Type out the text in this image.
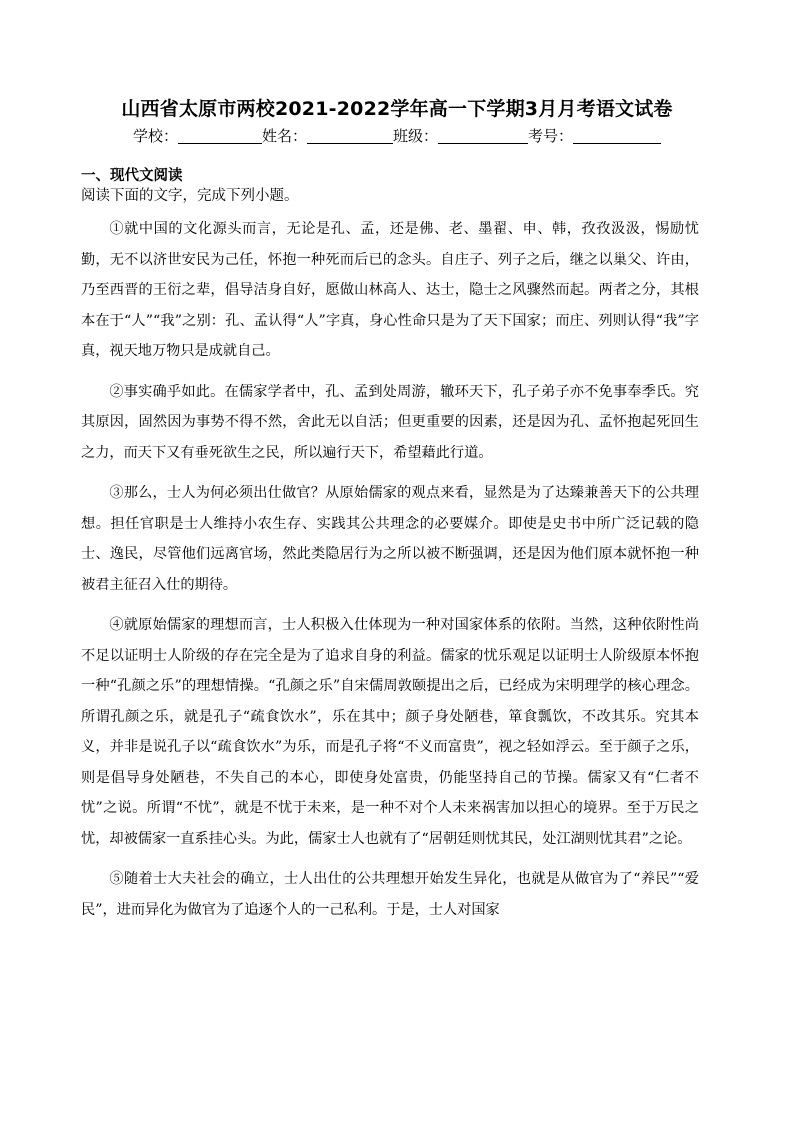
山西省太原市两校2021-2022学年高一下学期3月月考语文试卷
学校：	姓名：	班级：	考号：
一、现代文阅读
阅读下面的文字，完成下列小题。

①就中国的文化源头而言，无论是孔、孟，还是佛、老、墨翟、申、韩，孜孜汲汲，惕励忧勤，无不以济世安民为己任，怀抱一种死而后已的念头。自庄子、列子之后，继之以巢父、许由，乃至西晋的王衍之辈，倡导洁身自好，愿做山林高人、达士，隐士之风骤然而起。两者之分，其根本在于“人”“我”之别：孔、孟认得“人”字真，身心性命只是为了天下国家；而庄、列则认得“我”字真，视天地万物只是成就自己。

②事实确乎如此。在儒家学者中，孔、孟到处周游，辙环天下，孔子弟子亦不免事奉季氏。究其原因，固然因为事势不得不然，舍此无以自活；但更重要的因素，还是因为孔、孟怀抱起死回生之力，而天下又有垂死欲生之民，所以遍行天下，希望藉此行道。

③那么，士人为何必须出仕做官？从原始儒家的观点来看，显然是为了达臻兼善天下的公共理想。担任官职是士人维持小农生存、实践其公共理念的必要媒介。即使是史书中所广泛记载的隐士、逸民，尽管他们远离官场，然此类隐居行为之所以被不断强调，还是因为他们原本就怀抱一种被君主征召入仕的期待。

④就原始儒家的理想而言，士人积极入仕体现为一种对国家体系的依附。当然，这种依附性尚不足以证明士人阶级的存在完全是为了追求自身的利益。儒家的忧乐观足以证明士人阶级原本怀抱一种“孔颜之乐”的理想情操。“孔颜之乐”自宋儒周敦颐提出之后，已经成为宋明理学的核心理念。所谓孔颜之乐，就是孔子“疏食饮水”，乐在其中；颜子身处陋巷，箪食瓢饮，不改其乐。究其本义，并非是说孔子以“疏食饮水”为乐，而是孔子将“不义而富贵”，视之轻如浮云。至于颜子之乐，则是倡导身处陋巷，不失自己的本心，即使身处富贵，仍能坚持自己的节操。儒家又有“仁者不忧”之说。所谓“不忧”，就是不忧于未来，是一种不对个人未来祸害加以担心的境界。至于万民之忧，却被儒家一直系挂心头。为此，儒家士人也就有了“居朝廷则忧其民，处江湖则忧其君”之论。

⑤随着士大夫社会的确立，士人出仕的公共理想开始发生异化，也就是从做官为了“养民”“爱民”，进而异化为做官为了追逐个人的一己私利。于是，士人对国家
